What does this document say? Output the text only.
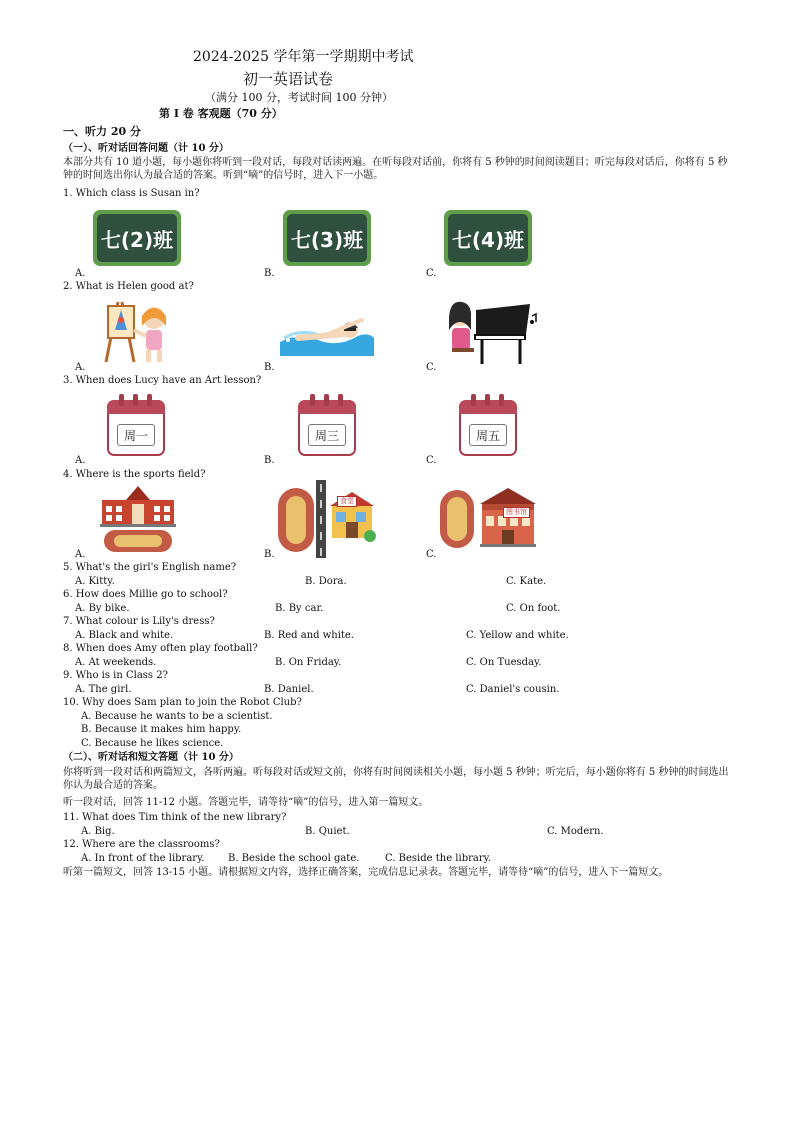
2024-2025 学年第一学期期中考试
初一英语试卷
（满分 100 分，考试时间 100 分钟）
第 I 卷 客观题（70 分）
一、听力 20 分
（一）、听对话回答问题（计 10 分）
本部分共有 10 道小题，每小题你将听到一段对话，每段对话读两遍。在听每段对话前，你将有 5 秒钟的时间阅读题目；听完每段对话后，你将有 5 秒钟的时间选出你认为最合适的答案。听到“嘀”的信号时，进入下一小题。
1. Which class is Susan in?
七(2)班	七(3)班	七(4)班
A.	B.	C.
2. What is Helen good at?
A.	B.	C.
3. When does Lucy have an Art lesson?
周一	周三	周五
A.	B.	C.
4. Where is the sports field?
食堂
图书馆
A.	B.	C.
5. What's the girl's English name?
A. Kitty.	B. Dora.	C. Kate.
6. How does Millie go to school?
A. By bike.	B. By car.	C. On foot.
7. What colour is Lily's dress?
A. Black and white.	B. Red and white.	C. Yellow and white.
8. When does Amy often play football?
A. At weekends.	B. On Friday.	C. On Tuesday.
9. Who is in Class 2?
A. The girl.	B. Daniel.	C. Daniel's cousin.
10. Why does Sam plan to join the Robot Club?
A. Because he wants to be a scientist.
B. Because it makes him happy.
C. Because he likes science.
（二）、听对话和短文答题（计 10 分）
你将听到一段对话和两篇短文，各听两遍。听每段对话或短文前，你将有时间阅读相关小题，每小题 5 秒钟；听完后，每小题你将有 5 秒钟的时间选出你认为最合适的答案。
听一段对话，回答 11-12 小题。答题完毕，请等待“嘀”的信号，进入第一篇短文。
11. What does Tim think of the new library?
A. Big.	B. Quiet.	C. Modern.
12. Where are the classrooms?
A. In front of the library. B. Beside the school gate.	C. Beside the library.
听第一篇短文，回答 13-15 小题。请根据短文内容，选择正确答案，完成信息记录表。答题完毕，请等待“嘀”的信号，进入下一篇短文。
